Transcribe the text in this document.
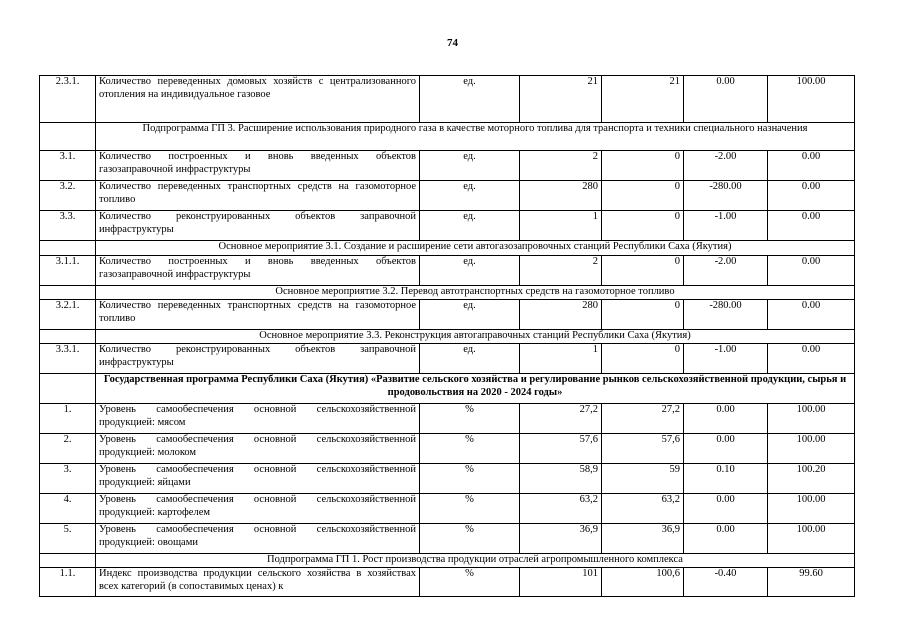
74
2.3.1.	Количество переведенных домовых хозяйств с централизованного отопления на индивидуальное газовое	ед.	21	21	0.00	100.00
	Подпрограмма ГП 3. Расширение использования природного газа в качестве моторного топлива для транспорта и техники специального назначения					
3.1.	Количество построенных и вновь введенных объектов газозаправочной инфраструктуры	ед.	2	0	-2.00	0.00
3.2.	Количество переведенных транспортных средств на газомоторное топливо	ед.	280	0	-280.00	0.00
3.3.	Количество реконструированных объектов заправочной инфраструктуры	ед.	1	0	-1.00	0.00
	Основное мероприятие 3.1. Создание и расширение сети автогазозапровочных станций Республики Саха (Якутия)					
3.1.1.	Количество построенных и вновь введенных объектов газозаправочной инфраструктуры	ед.	2	0	-2.00	0.00
	Основное мероприятие 3.2. Перевод автотранспортных средств на газомоторное топливо					
3.2.1.	Количество переведенных транспортных средств на газомоторное топливо	ед.	280	0	-280.00	0.00
	Основное мероприятие 3.3. Реконструкция автогаправочных станций Республики Саха (Якутия)					
3.3.1.	Количество реконструированных объектов заправочной инфраструктуры	ед.	1	0	-1.00	0.00
	Государственная программа Республики Саха (Якутия) «Развитие сельского хозяйства и регулирование рынков сельскохозяйственной продукции, сырья и продовольствия на 2020 - 2024 годы»					
1.	Уровень самообеспечения основной сельскохозяйственной продукцией: мясом	%	27,2	27,2	0.00	100.00
2.	Уровень самообеспечения основной сельскохозяйственной продукцией: молоком	%	57,6	57,6	0.00	100.00
3.	Уровень самообеспечения основной сельскохозяйственной продукцией: яйцами	%	58,9	59	0.10	100.20
4.	Уровень самообеспечения основной сельскохозяйственной продукцией: картофелем	%	63,2	63,2	0.00	100.00
5.	Уровень самообеспечения основной сельскохозяйственной продукцией: овощами	%	36,9	36,9	0.00	100.00
	Подпрограмма ГП 1. Рост производства продукции отраслей агропромышленного комплекса					
1.1.	Индекс производства продукции сельского хозяйства в хозяйствах всех категорий (в сопоставимых ценах) к	%	101	100,6	-0.40	99.60
